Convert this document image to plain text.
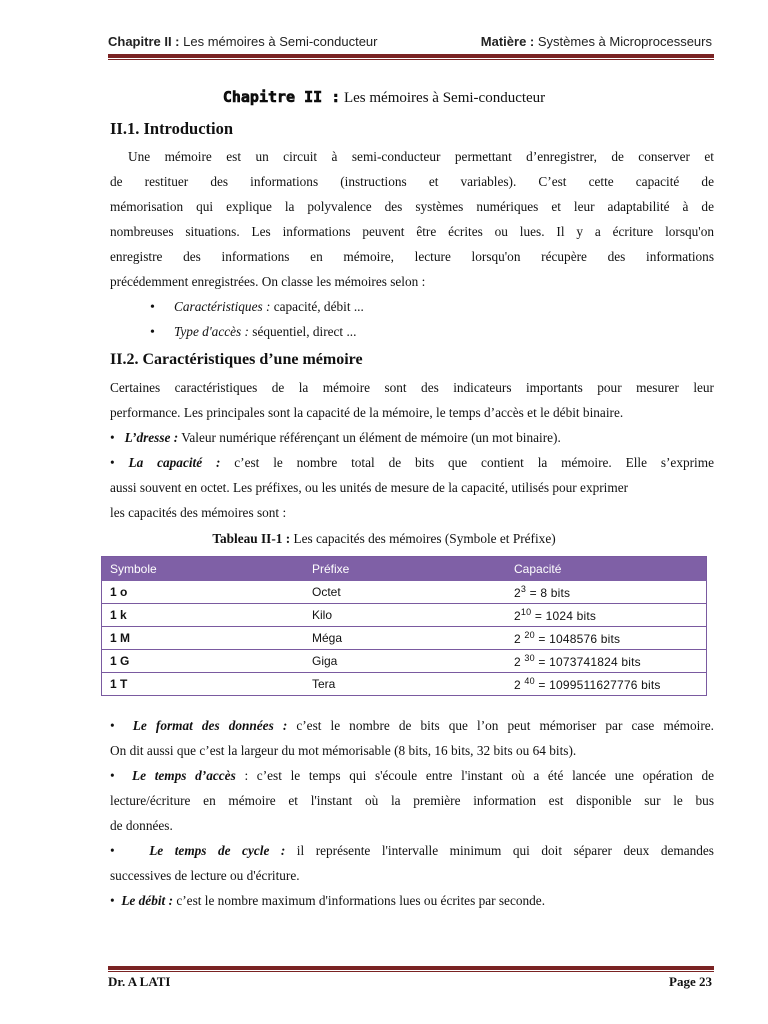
Chapitre II : Les mémoires à Semi-conducteur	Matière : Systèmes à Microprocesseurs
Chapitre II : Les mémoires à Semi-conducteur
II.1. Introduction
Une mémoire est un circuit à semi-conducteur permettant d’enregistrer, de conserver et
de restituer des informations (instructions et variables). C’est cette capacité de
mémorisation qui explique la polyvalence des systèmes numériques et leur adaptabilité à de
nombreuses situations. Les informations peuvent être écrites ou lues. Il y a écriture lorsqu'on
enregistre des informations en mémoire, lecture lorsqu'on récupère des informations
précédemment enregistrées. On classe les mémoires selon :
• Caractéristiques : capacité, débit ...
• Type d'accès : séquentiel, direct ...
II.2. Caractéristiques d’une mémoire
Certaines caractéristiques de la mémoire sont des indicateurs importants pour mesurer leur
performance. Les principales sont la capacité de la mémoire, le temps d’accès et le débit binaire.
•   L’dresse : Valeur numérique référençant un élément de mémoire (un mot binaire).
• La capacité : c’est le nombre total de bits que contient la mémoire. Elle s’exprime
aussi souvent en octet. Les préfixes, ou les unités de mesure de la capacité, utilisés pour exprimer
les capacités des mémoires sont :
Tableau II-1 : Les capacités des mémoires (Symbole et Préfixe)
Symbole	Préfixe	Capacité
1 o	Octet	$2^3 = 8$ bits
1 k	Kilo	$2^{10} = 1024$ bits
1 M	Méga	2 $^{20}$ = 1048576 bits
1 G	Giga	2 $^{30}$ = 1073741824 bits
1 T	Tera	2 $^{40}$ = 1099511627776 bits
•  Le format des données : c’est le nombre de bits que l’on peut mémoriser par case mémoire.
On dit aussi que c’est la largeur du mot mémorisable (8 bits, 16 bits, 32 bits ou 64 bits).
•  Le temps d’accès : c’est le temps qui s'écoule entre l'instant où a été lancée une opération de
lecture/écriture en mémoire et l'instant où la première information est disponible sur le bus
de données.
•   Le temps de cycle : il représente l'intervalle minimum qui doit séparer deux demandes
successives de lecture ou d'écriture.
•  Le débit : c’est le nombre maximum d'informations lues ou écrites par seconde.
Dr. A LATI	Page 23
